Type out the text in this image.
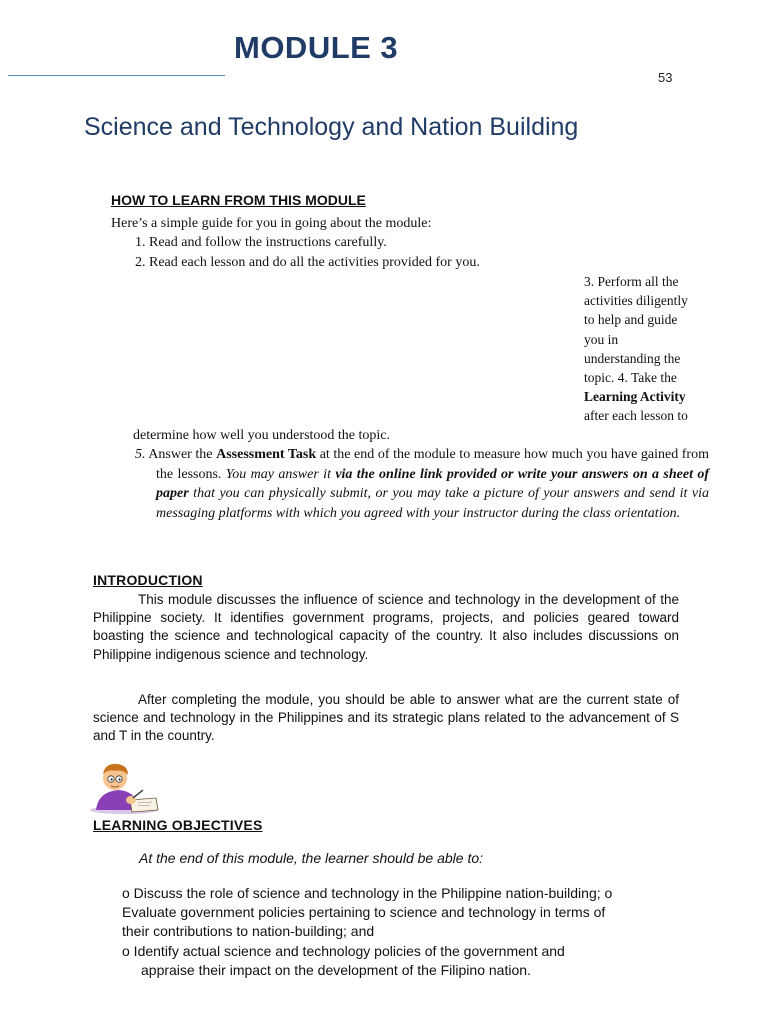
MODULE 3
53
Science and Technology and Nation Building
HOW TO LEARN FROM THIS MODULE
Here’s a simple guide for you in going about the module:
1. Read and follow the instructions carefully.
2. Read each lesson and do all the activities provided for you.
3. Perform all the
activities diligently
to help and guide
you in
understanding the
topic. 4. Take the
Learning Activity
after each lesson to
determine how well you understood the topic.
5. Answer the Assessment Task at the end of the module to measure how much you have gained from the lessons. You may answer it via the online link provided or write your answers on a sheet of paper that you can physically submit, or you may take a picture of your answers and send it via messaging platforms with which you agreed with your instructor during the class orientation.
INTRODUCTION
This module discusses the influence of science and technology in the development of the Philippine society. It identifies government programs, projects, and policies geared toward boasting the science and technological capacity of the country. It also includes discussions on Philippine indigenous science and technology.
After completing the module, you should be able to answer what are the current state of science and technology in the Philippines and its strategic plans related to the advancement of S and T in the country.
LEARNING OBJECTIVES
At the end of this module, the learner should be able to:
o Discuss the role of science and technology in the Philippine nation-building; o
Evaluate government policies pertaining to science and technology in terms of
their contributions to nation-building; and
o Identify actual science and technology policies of the government and
appraise their impact on the development of the Filipino nation.
